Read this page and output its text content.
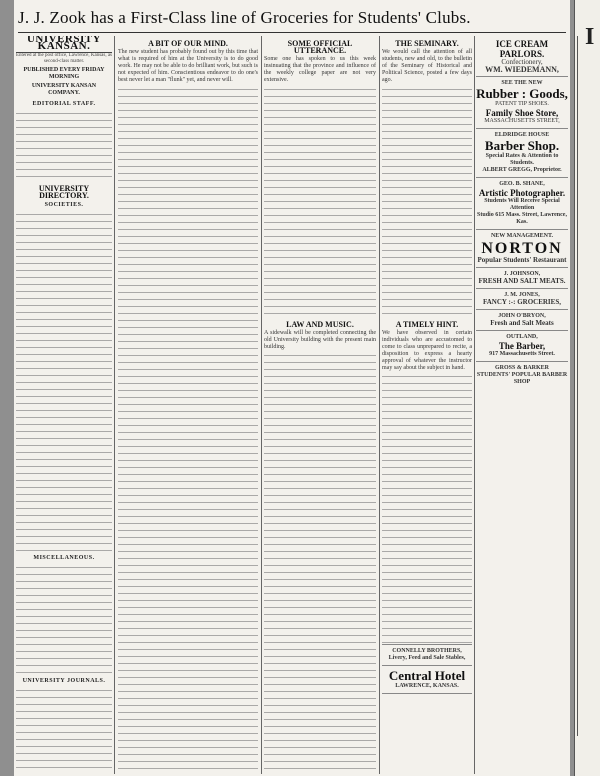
J. J. Zook has a First-Class line of Groceries for Students' Clubs.
UNIVERSITY KANSAN.
Entered at the post office, Lawrence, Kansas, as second-class matter.
PUBLISHED EVERY FRIDAY MORNING
UNIVERSITY KANSAN COMPANY.
EDITORIAL STAFF.
UNIVERSITY DIRECTORY.
SOCIETIES.
MISCELLANEOUS.
UNIVERSITY JOURNALS.
A BIT OF OUR MIND.

The new student has probably found out by this time that what is required of him at the University is to do good work. He may not be able to do brilliant work, but such is not expected of him. Conscientious endeavor to do one's best never let a man "flunk" yet, and never will.

SOME OFFICIAL UTTERANCE.

Some one has spoken to us this week insinuating that the province and influence of the weekly college paper are not very extensive.

LAW AND MUSIC.

A sidewalk will be completed connecting the old University building with the present main building.

THE SEMINARY.

We would call the attention of all students, new and old, to the bulletin of the Seminary of Historical and Political Science, posted a few days ago.

A TIMELY HINT.

We have observed in certain individuals who are accustomed to come to class unprepared to recite, a disposition to express a hearty approval of whatever the instructor may say about the subject in hand.

CONNELLY BROTHERS,
Livery, Feed and Sale Stables,
Central Hotel
LAWRENCE, KANSAS.
ICE CREAM PARLORS.
Confectionery,
WM. WIEDEMANN,
SEE THE NEW
Rubber : Goods,
PATENT TIP SHOES.
Family Shoe Store,
MASSACHUSETTS STREET,
ELDRIDGE HOUSE
Barber Shop.
Special Rates & Attention to Students.
ALBERT GREGG, Proprietor.
GEO. B. SHANE,
Artistic Photographer.
Students Will Receive Special Attention
Studio 615 Mass. Street, Lawrence, Kas.
NEW MANAGEMENT.
NORTON
Popular Students' Restaurant
J. JOHNSON,
FRESH AND SALT MEATS.
J. M. JONES,
FANCY :-: GROCERIES,
JOHN O'BRYON,
Fresh and Salt Meats
OUTLAND,
The Barber,
917 Massachusetts Street.
GROSS & BARKER
STUDENTS' POPULAR BARBER SHOP
I
